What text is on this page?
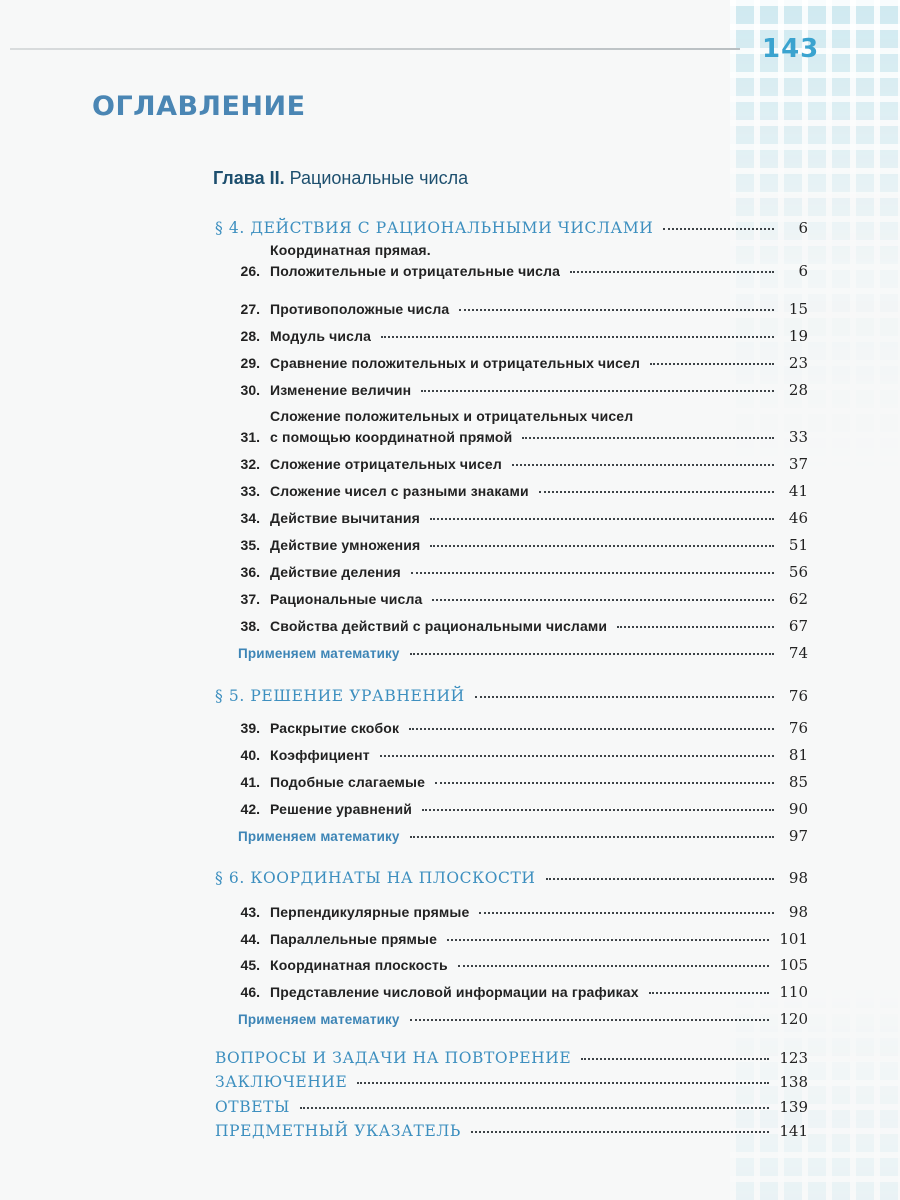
143
ОГЛАВЛЕНИЕ
Глава II. Рациональные числа
§ 4. ДЕЙСТВИЯ С РАЦИОНАЛЬНЫМИ ЧИСЛАМИ	6
Координатная прямая.
26. Положительные и отрицательные числа	6
27. Противоположные числа	15
28. Модуль числа	19
29. Сравнение положительных и отрицательных чисел	23
30. Изменение величин	28
Сложение положительных и отрицательных чисел
31. с помощью координатной прямой	33
32. Сложение отрицательных чисел	37
33. Сложение чисел с разными знаками	41
34. Действие вычитания	46
35. Действие умножения	51
36. Действие деления	56
37. Рациональные числа	62
38. Свойства действий с рациональными числами	67
Применяем математику	74
§ 5. РЕШЕНИЕ УРАВНЕНИЙ	76
39. Раскрытие скобок	76
40. Коэффициент	81
41. Подобные слагаемые	85
42. Решение уравнений	90
Применяем математику	97
§ 6. КООРДИНАТЫ НА ПЛОСКОСТИ	98
43. Перпендикулярные прямые	98
44. Параллельные прямые	101
45. Координатная плоскость	105
46. Представление числовой информации на графиках	110
Применяем математику	120
ВОПРОСЫ И ЗАДАЧИ НА ПОВТОРЕНИЕ	123
ЗАКЛЮЧЕНИЕ	138
ОТВЕТЫ	139
ПРЕДМЕТНЫЙ УКАЗАТЕЛЬ	141
